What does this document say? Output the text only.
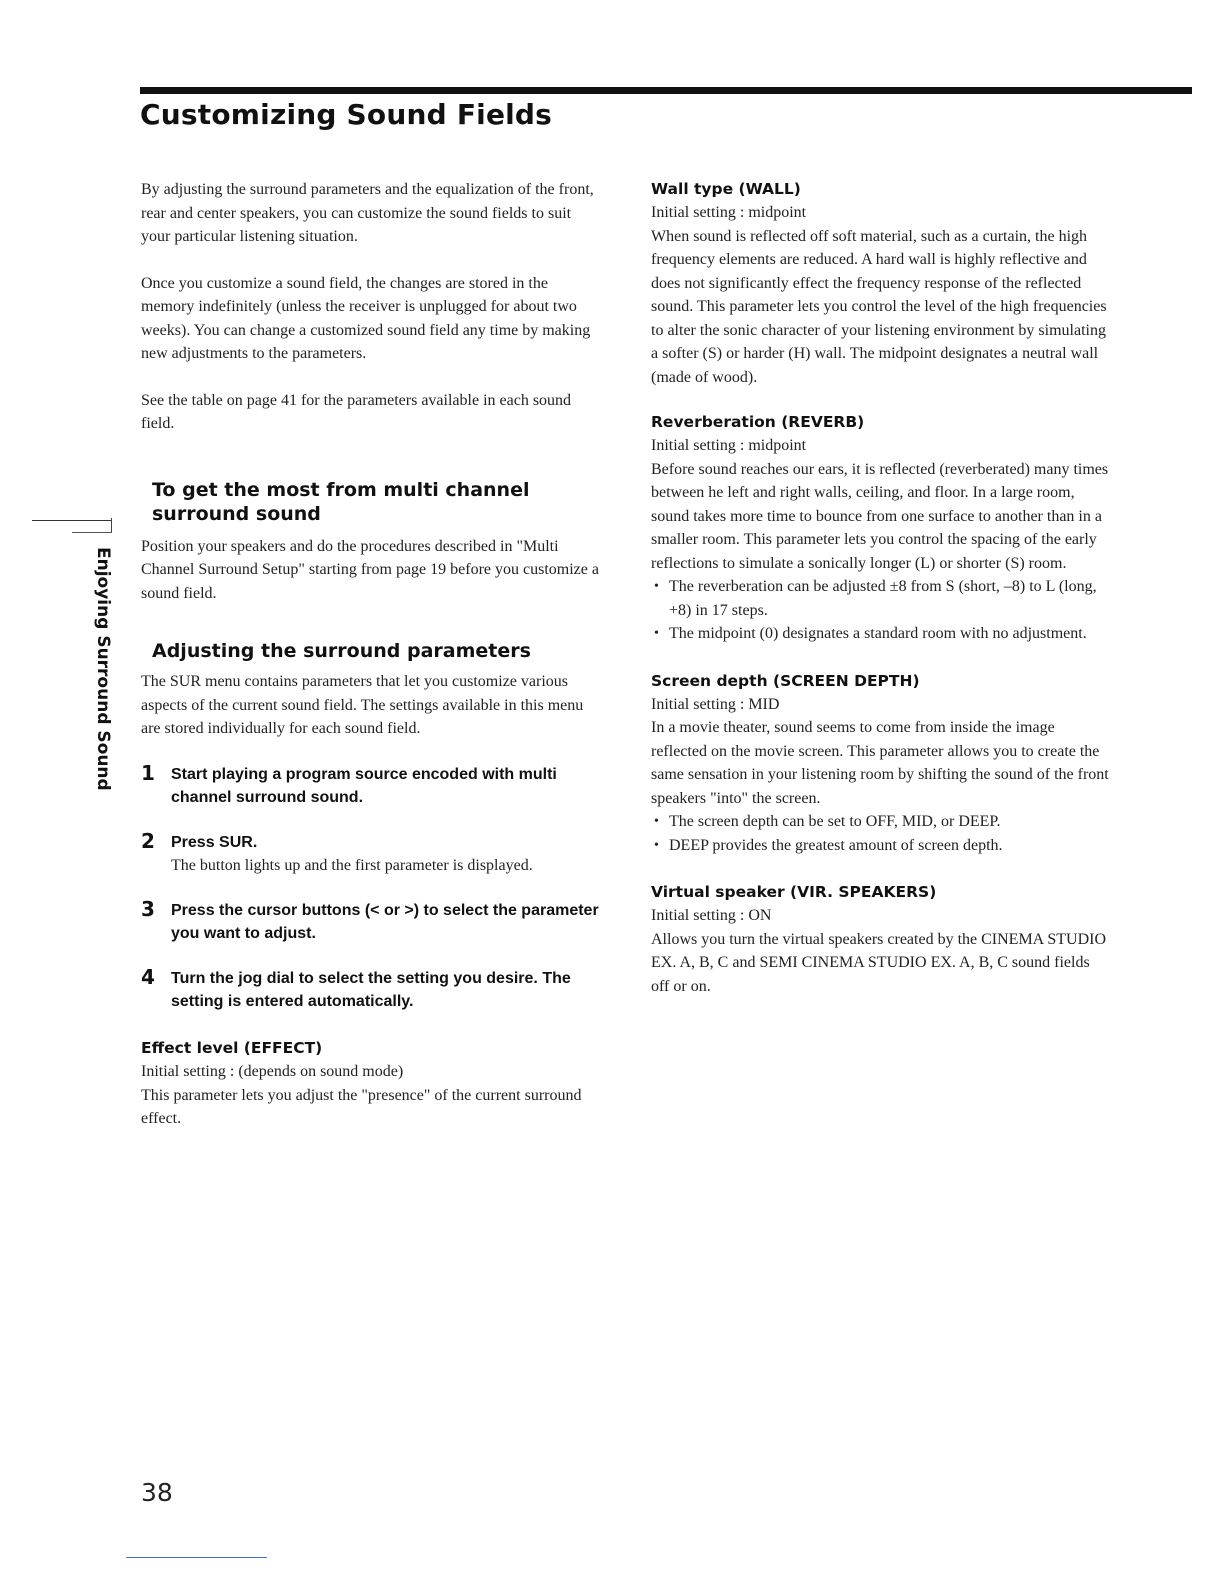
Customizing Sound Fields
Enjoying Surround Sound

By adjusting the surround parameters and the equalization of the front, rear and center speakers, you can customize the sound fields to suit your particular listening situation.

Once you customize a sound field, the changes are stored in the memory indefinitely (unless the receiver is unplugged for about two weeks). You can change a customized sound field any time by making new adjustments to the parameters.

See the table on page 41 for the parameters available in each sound field.

To get the most from multi channel
surround sound

Position your speakers and do the procedures described in "Multi Channel Surround Setup" starting from page 19 before you customize a sound field.

Adjusting the surround parameters

The SUR menu contains parameters that let you customize various aspects of the current sound field. The settings available in this menu are stored individually for each sound field.

1 Start playing a program source encoded with multi channel surround sound.
2 Press SUR.

The button lights up and the first parameter is displayed.

3 Press the cursor buttons (< or >) to select the parameter you want to adjust.
4 Turn the jog dial to select the setting you desire. The setting is entered automatically.
Effect level (EFFECT)

Initial setting : (depends on sound mode)

This parameter lets you adjust the "presence" of the current surround effect.

Wall type (WALL)

Initial setting : midpoint

When sound is reflected off soft material, such as a curtain, the high frequency elements are reduced. A hard wall is highly reflective and does not significantly effect the frequency response of the reflected sound. This parameter lets you control the level of the high frequencies to alter the sonic character of your listening environment by simulating a softer (S) or harder (H) wall. The midpoint designates a neutral wall (made of wood).

Reverberation (REVERB)

Initial setting : midpoint

Before sound reaches our ears, it is reflected (reverberated) many times between he left and right walls, ceiling, and floor. In a large room, sound takes more time to bounce from one surface to another than in a smaller room. This parameter lets you control the spacing of the early reflections to simulate a sonically longer (L) or shorter (S) room.

• The reverberation can be adjusted ±8 from S (short, –8) to L (long, +8) in 17 steps.
• The midpoint (0) designates a standard room with no adjustment.
Screen depth (SCREEN DEPTH)

Initial setting : MID

In a movie theater, sound seems to come from inside the image reflected on the movie screen. This parameter allows you to create the same sensation in your listening room by shifting the sound of the front speakers "into" the screen.

• The screen depth can be set to OFF, MID, or DEEP.
• DEEP provides the greatest amount of screen depth.
Virtual speaker (VIR. SPEAKERS)

Initial setting : ON

Allows you turn the virtual speakers created by the CINEMA STUDIO EX. A, B, C and SEMI CINEMA STUDIO EX. A, B, C sound fields off or on.

38
